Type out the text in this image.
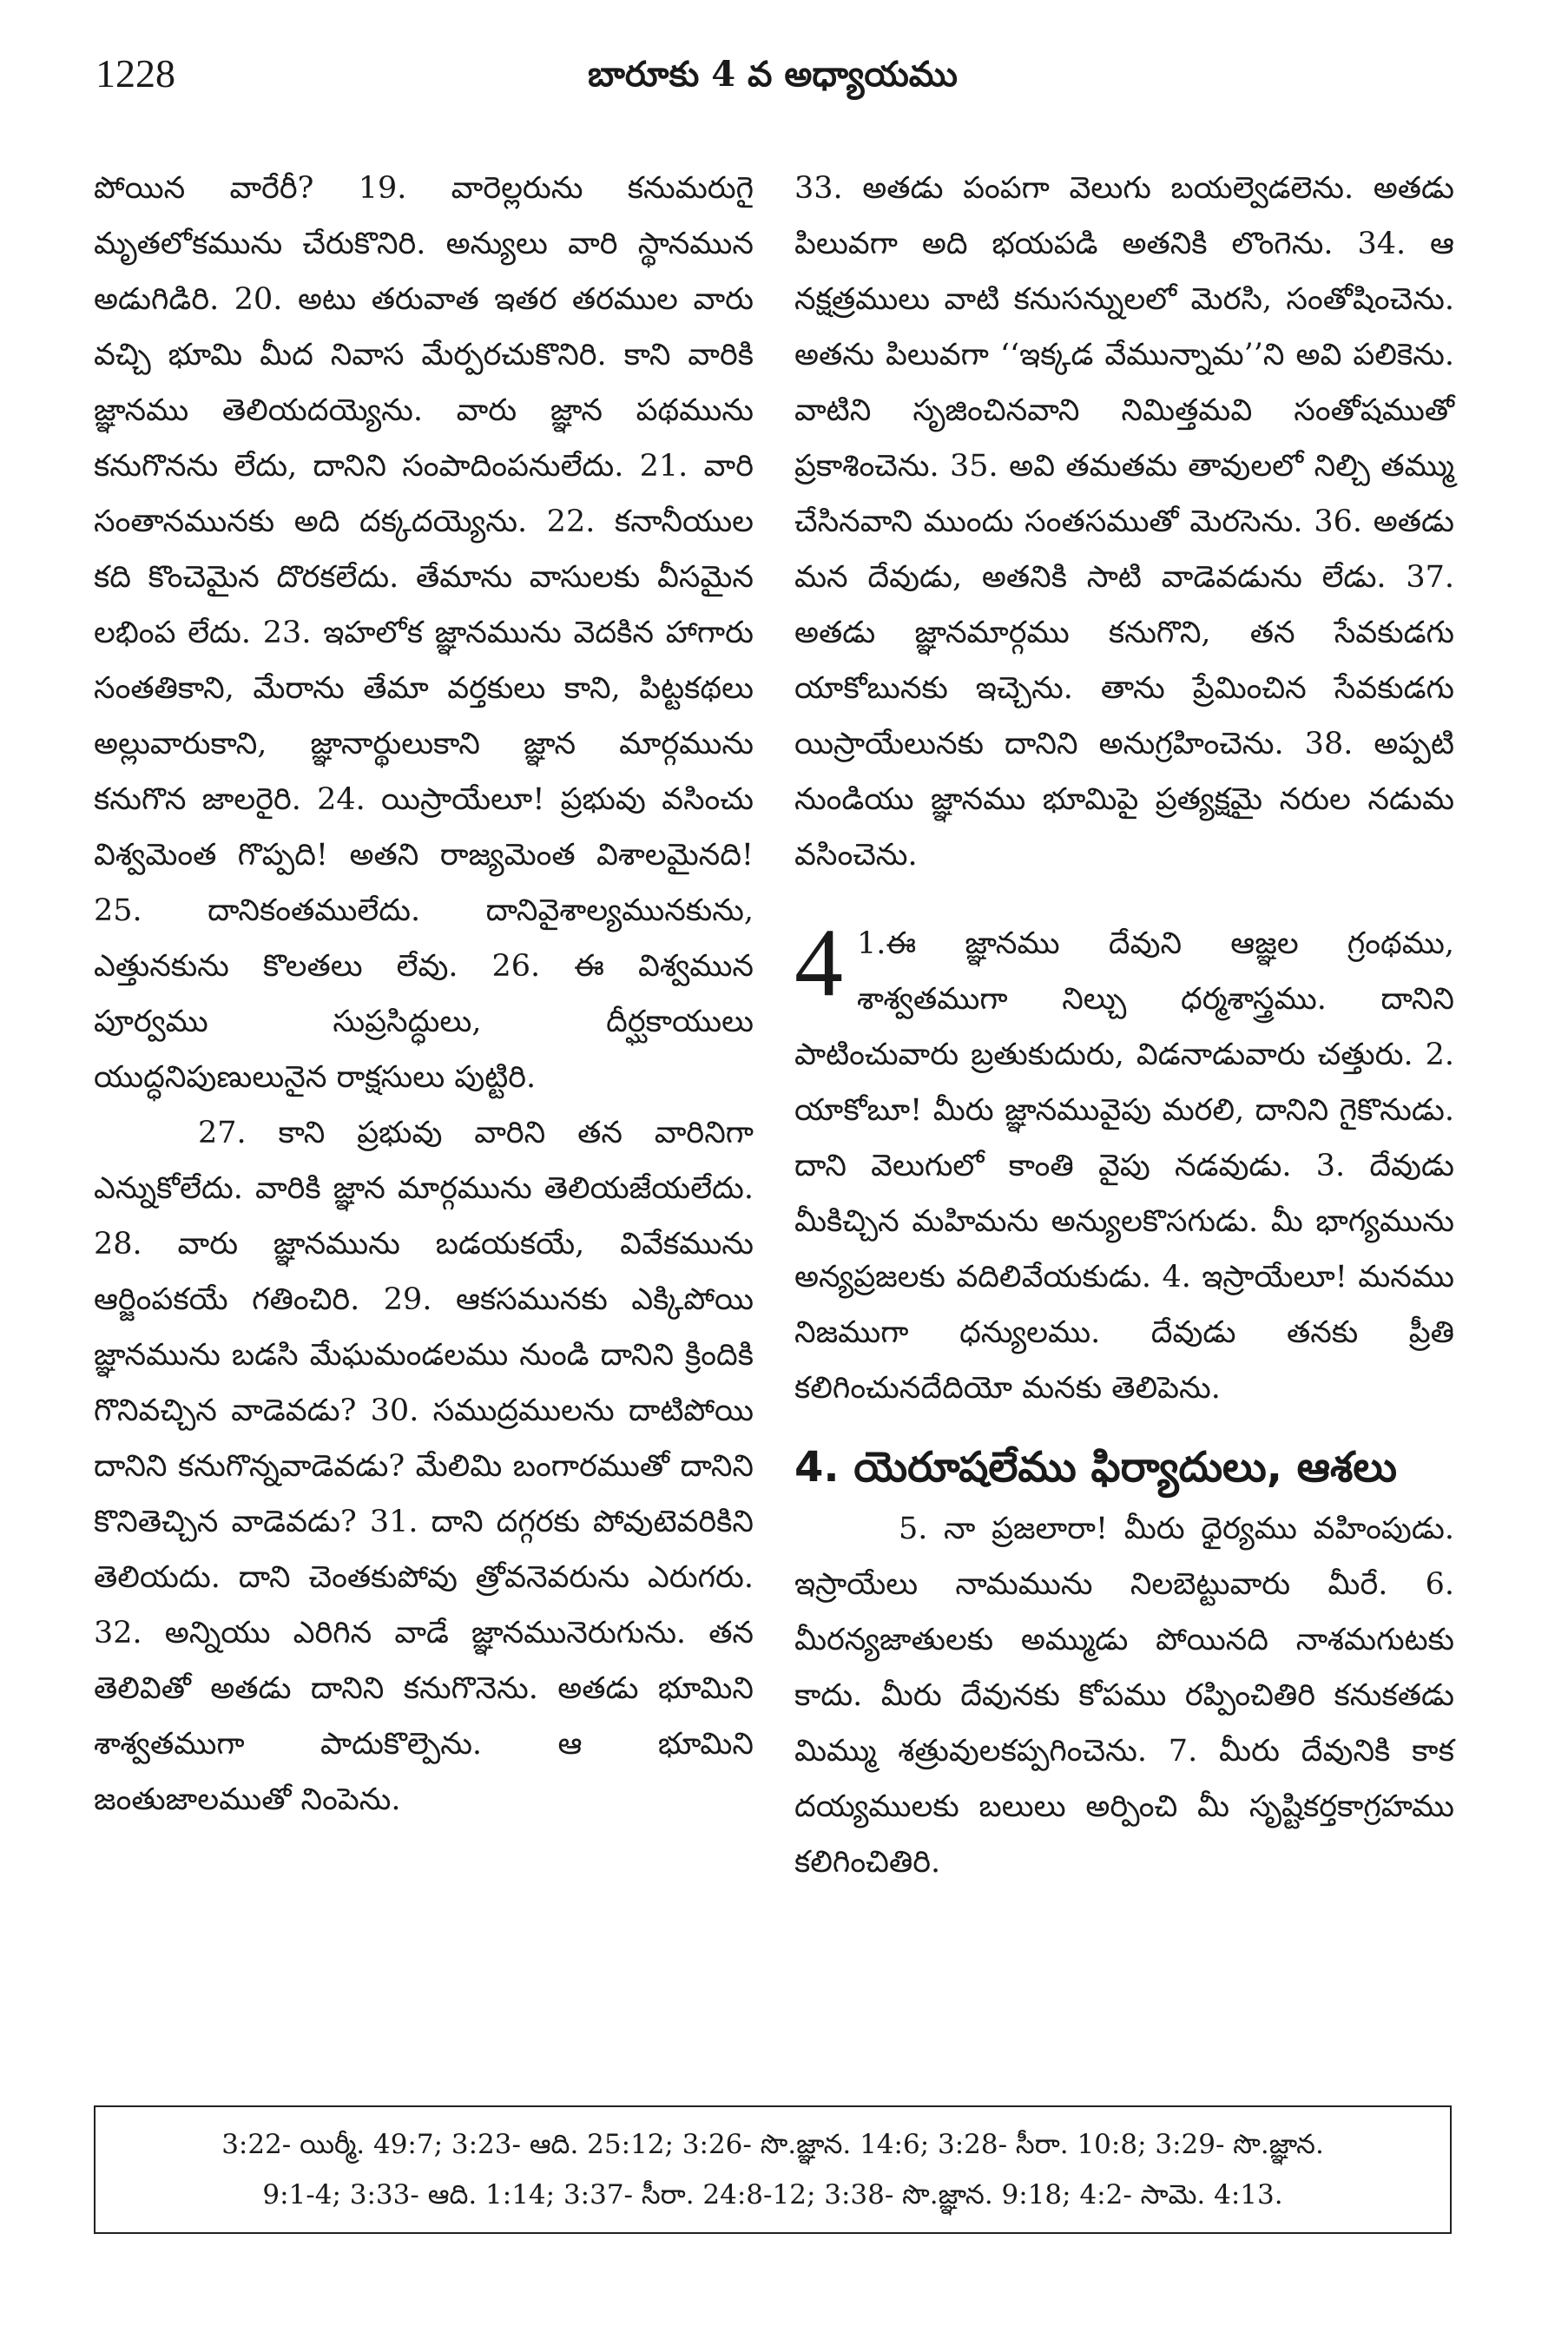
1228	బారూకు 4 వ అధ్యాయము

పోయిన వారేరీ? 19. వారెల్లరును కనుమరుగై మృతలోకమును చేరుకొనిరి. అన్యులు వారి స్థానమున అడుగిడిరి. 20. అటు తరువాత ఇతర తరముల వారు వచ్చి భూమి మీద నివాస మేర్పరచుకొనిరి. కాని వారికి జ్ఞానము తెలియదయ్యెను. వారు జ్ఞాన పథమును కనుగొనను లేదు, దానిని సంపాదింపనులేదు. 21. వారి సంతానమునకు అది దక్కదయ్యెను. 22. కనానీయుల కది కొంచెమైన దొరకలేదు. తేమాను వాసులకు వీసమైన లభింప లేదు. 23. ఇహలోక జ్ఞానమును వెదకిన హాగారు సంతతికాని, మేరాను తేమా వర్తకులు కాని, పిట్టకథలు అల్లువారుకాని, జ్ఞానార్థులుకాని జ్ఞాన మార్గమును కనుగొన జాలరైరి. 24. యిస్రాయేలూ! ప్రభువు వసించు విశ్వమెంత గొప్పది! అతని రాజ్యమెంత విశాలమైనది! 25. దానికంతములేదు. దానివైశాల్యమునకును, ఎత్తునకును కొలతలు లేవు. 26. ఈ విశ్వమున పూర్వము సుప్రసిద్ధులు, దీర్ఘకాయులు యుద్ధనిపుణులునైన రాక్షసులు పుట్టిరి.

27. కాని ప్రభువు వారిని తన వారినిగా ఎన్నుకోలేదు. వారికి జ్ఞాన మార్గమును తెలియజేయలేదు. 28. వారు జ్ఞానమును బడయకయే, వివేకమును ఆర్జింపకయే గతించిరి. 29. ఆకసమునకు ఎక్కిపోయి జ్ఞానమును బడసి మేఘమండలము నుండి దానిని క్రిందికి గొనివచ్చిన వాడెవడు? 30. సముద్రములను దాటిపోయి దానిని కనుగొన్నవాడెవడు? మేలిమి బంగారముతో దానిని కొనితెచ్చిన వాడెవడు? 31. దాని దగ్గరకు పోవుటెవరికిని తెలియదు. దాని చెంతకుపోవు త్రోవనెవరును ఎరుగరు. 32. అన్నియు ఎరిగిన వాడే జ్ఞానమునెరుగును. తన తెలివితో అతడు దానిని కనుగొనెను. అతడు భూమిని శాశ్వతముగా పాదుకొల్పెను. ఆ భూమిని జంతుజాలముతో నింపెను.

33. అతడు పంపగా వెలుగు బయల్వెడలెను. అతడు పిలువగా అది భయపడి అతనికి లొంగెను. 34. ఆ నక్షత్రములు వాటి కనుసన్నులలో మెరసి, సంతోషించెను. అతను పిలువగా ‘‘ఇక్కడ వేమున్నామ’’ని అవి పలికెను. వాటిని సృజించినవాని నిమిత్తమవి సంతోషముతో ప్రకాశించెను. 35. అవి తమతమ తావులలో నిల్చి తమ్ము చేసినవాని ముందు సంతసముతో మెరసెను. 36. అతడు మన దేవుడు, అతనికి సాటి వాడెవడును లేడు. 37. అతడు జ్ఞానమార్గము కనుగొని, తన సేవకుడగు యాకోబునకు ఇచ్చెను. తాను ప్రేమించిన సేవకుడగు యిస్రాయేలునకు దానిని అనుగ్రహించెను. 38. అప్పటి నుండియు జ్ఞానము భూమిపై ప్రత్యక్షమై నరుల నడుమ వసించెను.

4 1.ఈ జ్ఞానము దేవుని ఆజ్ఞల గ్రంథము, శాశ్వతముగా నిల్చు ధర్మశాస్త్రము. దానిని పాటించువారు బ్రతుకుదురు, విడనాడువారు చత్తురు. 2. యాకోబూ! మీరు జ్ఞానమువైపు మరలి, దానిని గైకొనుడు. దాని వెలుగులో కాంతి వైపు నడవుడు. 3. దేవుడు మీకిచ్చిన మహిమను అన్యులకొసగుడు. మీ భాగ్యమును అన్యప్రజలకు వదిలివేయకుడు. 4. ఇస్రాయేలూ! మనము నిజముగా ధన్యులము. దేవుడు తనకు ప్రీతి కలిగించునదేదియో మనకు తెలిపెను.

4. యెరూషలేము ఫిర్యాదులు, ఆశలు

5. నా ప్రజలారా! మీరు ధైర్యము వహింపుడు. ఇస్రాయేలు నామమును నిలబెట్టువారు మీరే. 6. మీరన్యజాతులకు అమ్ముడు పోయినది నాశమగుటకు కాదు. మీరు దేవునకు కోపము రప్పించితిరి కనుకతడు మిమ్ము శత్రువులకప్పగించెను. 7. మీరు దేవునికి కాక దయ్యములకు బలులు అర్పించి మీ సృష్టికర్తకాగ్రహము కలిగించితిరి.

3:22- యిర్మీ. 49:7; 3:23- ఆది. 25:12; 3:26- సొ.జ్ఞాన. 14:6; 3:28- సీరా. 10:8; 3:29- సొ.జ్ఞాన.

9:1-4; 3:33- ఆది. 1:14; 3:37- సీరా. 24:8-12; 3:38- సొ.జ్ఞాన. 9:18; 4:2- సామె. 4:13.
